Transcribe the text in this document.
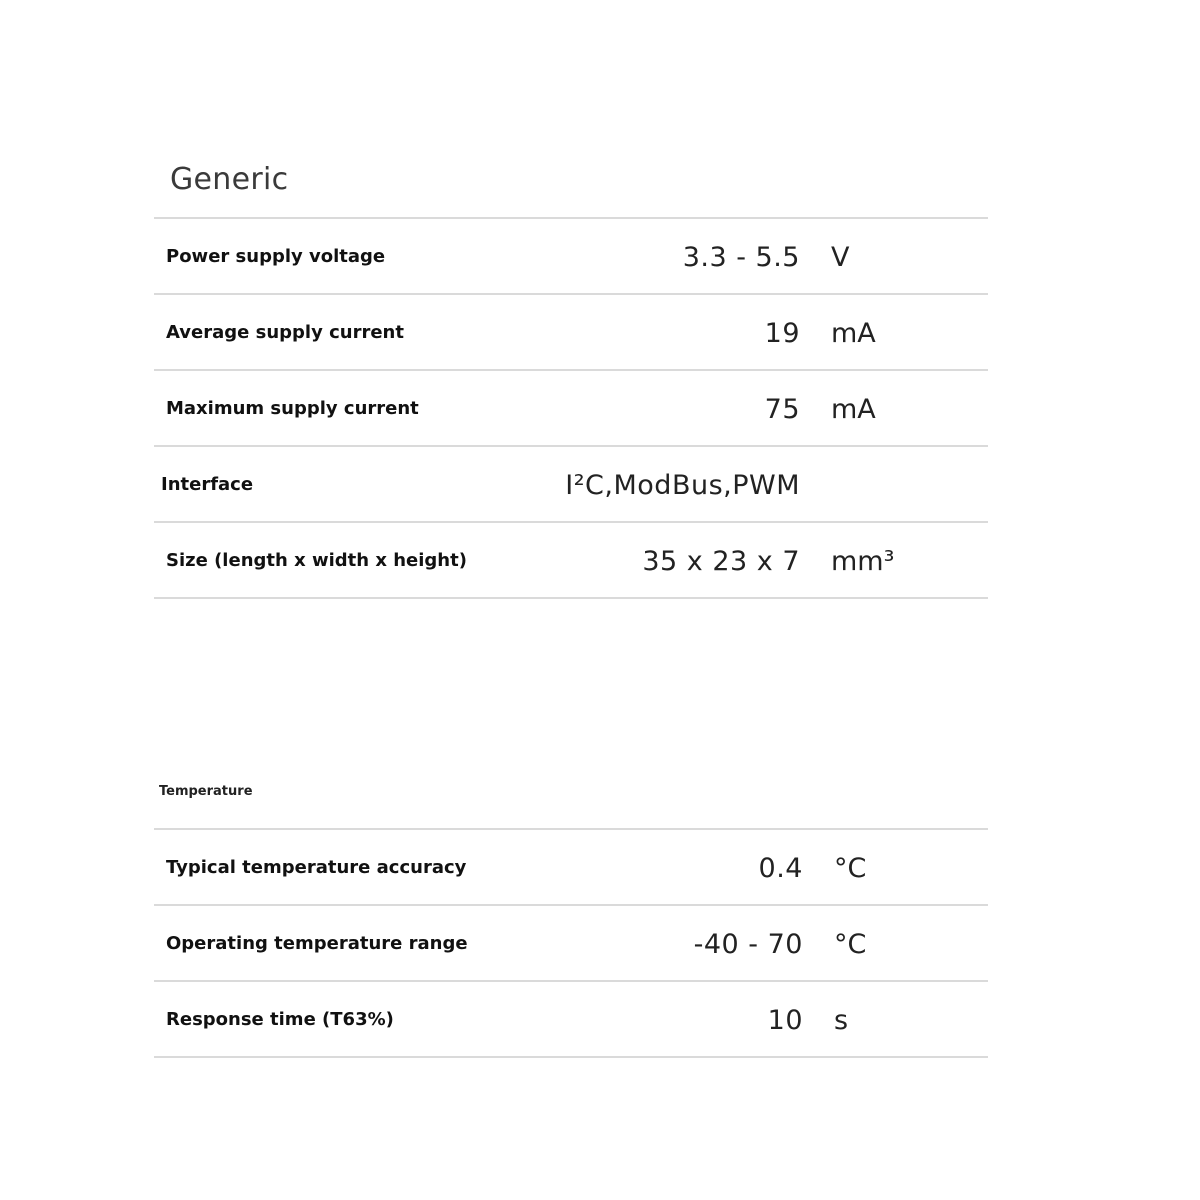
Generic
Power supply voltage	3.3 - 5.5 V
Average supply current	19 mA
Maximum supply current	75 mA
Interface	I²C,ModBus,PWM
Size (length x width x height)	35 x 23 x 7 mm³
Temperature
Typical temperature accuracy	0.4 °C
Operating temperature range	-40 - 70 °C
Response time (T63%)	10 s
